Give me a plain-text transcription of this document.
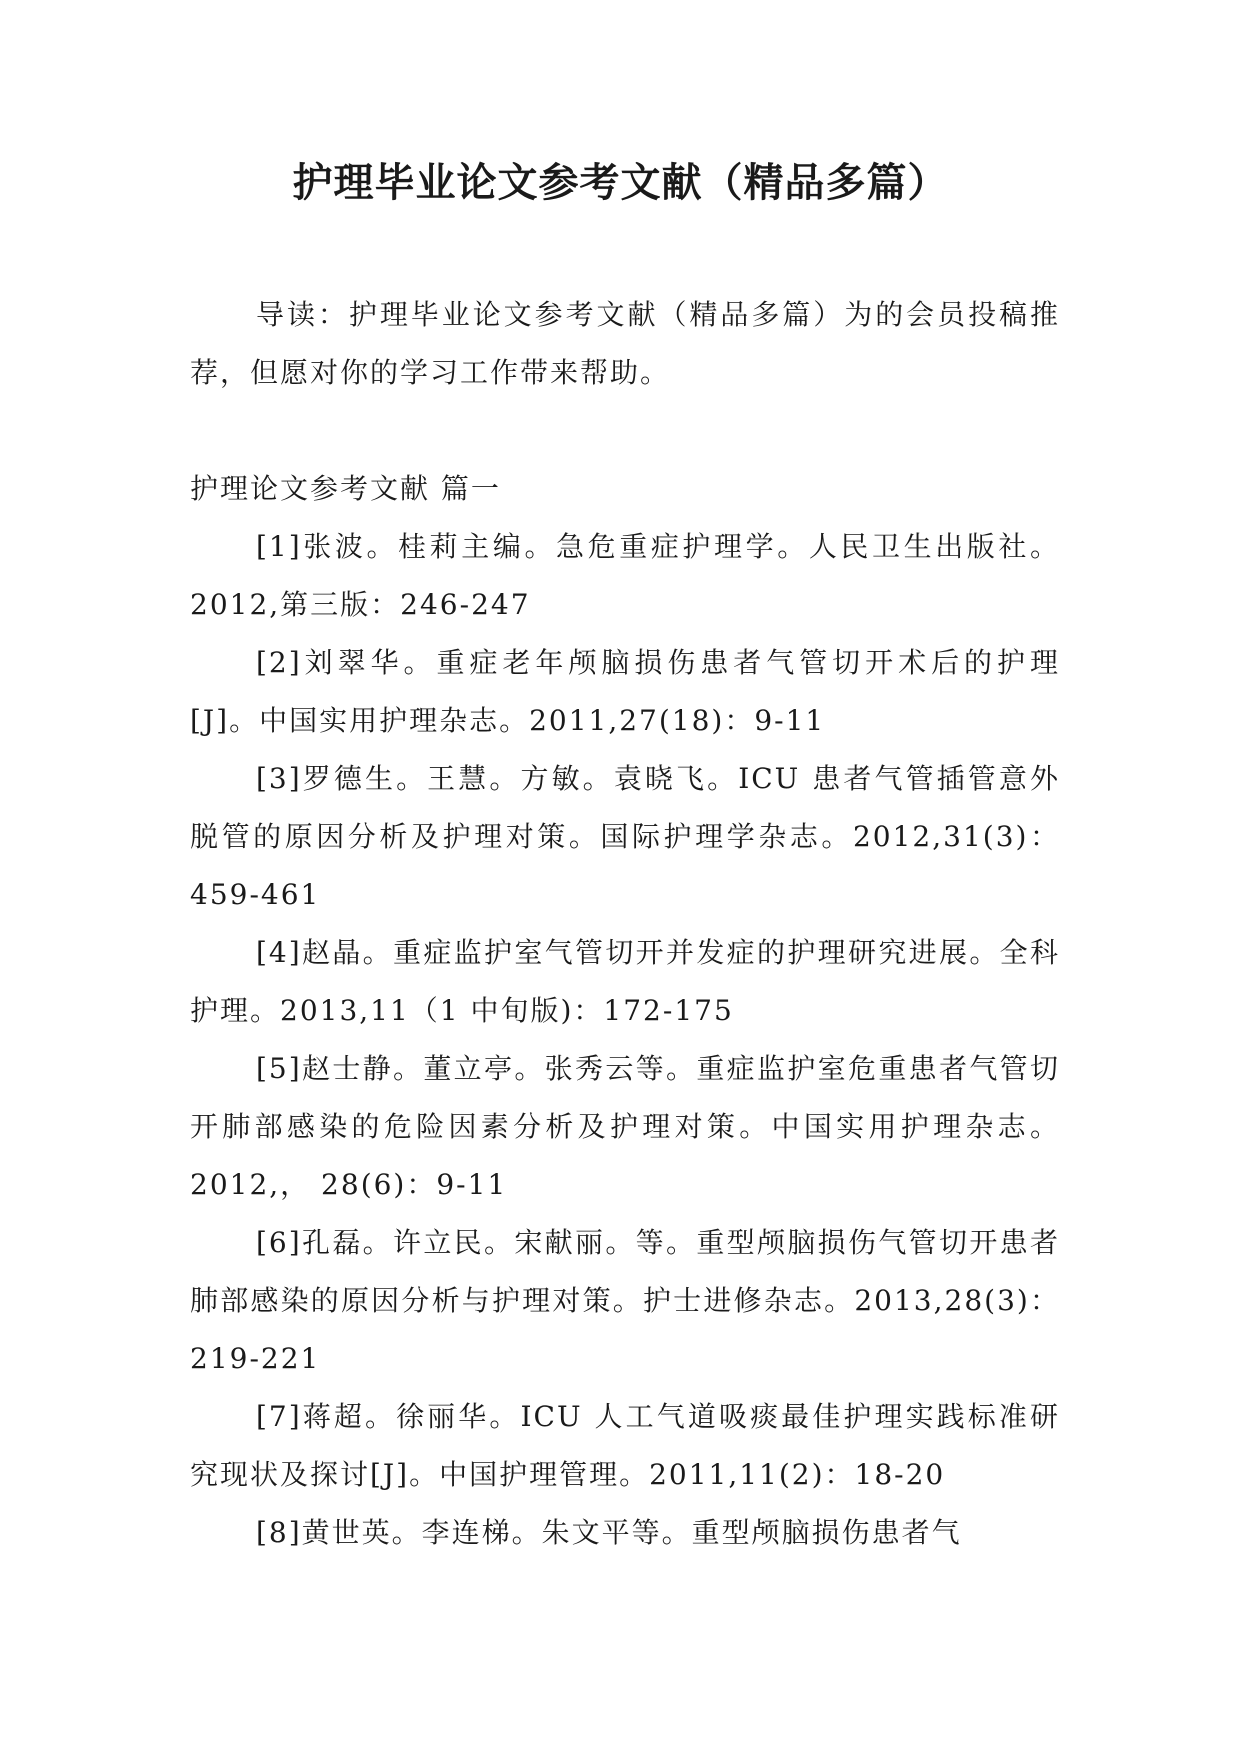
护理毕业论文参考文献（精品多篇）

导读：护理毕业论文参考文献（精品多篇）为的会员投稿推荐，但愿对你的学习工作带来帮助。

护理论文参考文献 篇一
[1]张波。桂莉主编。急危重症护理学。人民卫生出版社。 2012,第三版：246-247
[2]刘翠华。重症老年颅脑损伤患者气管切开术后的护理 [J]。中国实用护理杂志。2011,27(18)：9-11
[3]罗德生。王慧。方敏。袁晓飞。ICU 患者气管插管意外脱管的原因分析及护理对策。国际护理学杂志。2012,31(3)：459-461
[4]赵晶。重症监护室气管切开并发症的护理研究进展。全科护理。2013,11（1 中旬版)：172-175
[5]赵士静。董立亭。张秀云等。重症监护室危重患者气管切开肺部感染的危险因素分析及护理对策。中国实用护理杂志。2012,， 28(6)：9-11
[6]孔磊。许立民。宋献丽。等。重型颅脑损伤气管切开患者肺部感染的原因分析与护理对策。护士进修杂志。2013,28(3)：219-221
[7]蒋超。徐丽华。ICU 人工气道吸痰最佳护理实践标准研究现状及探讨[J]。中国护理管理。2011,11(2)：18-20
[8]黄世英。李连梯。朱文平等。重型颅脑损伤患者气
